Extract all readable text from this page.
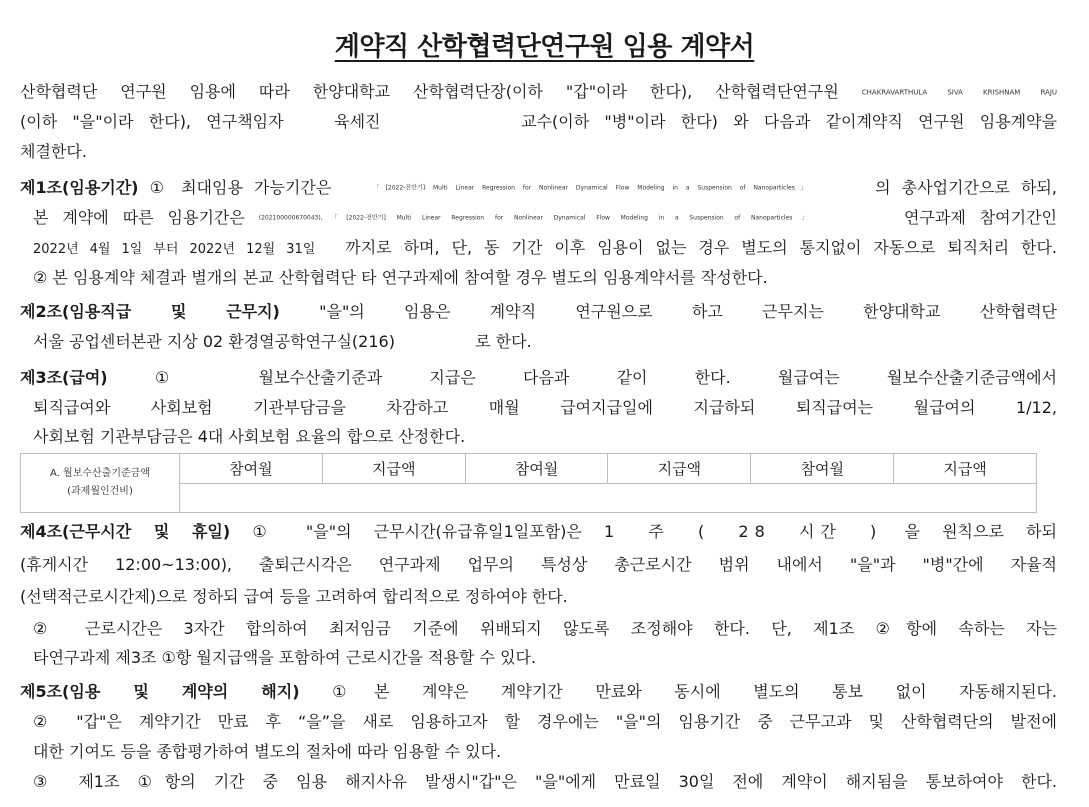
계약직 산학협력단연구원 임용 계약서
산학협력단 연구원 임용에 따라 한양대학교 산학협력단장(이하 "갑"이라 한다), 산학협력단연구원	CHAKRAVARTHULA SIVA KRISHNAM RAJU
(이하 "을"이라 한다), 연구책임자	육세진	교수(이하 "병"이라 한다) 와 다음과 같이계약직 연구원 임용계약을
체결한다.
제1조(임용기간) ① 최대임용 가능기간은	「[2022-전반기] Multi Linear Regression for Nonlinear Dynamical Flow Modeling in a Suspension of Nanoparticles」	의 총사업기간으로 하되,
본 계약에 따른 임용기간은 (202100000670043),「[2022-전반기] Multi Linear Regression for Nonlinear Dynamical Flow Modeling in a Suspension of Nanoparticles」	연구과제 참여기간인
2022년 4월 1일 부터 2022년 12월 31일 까지로 하며, 단, 동 기간 이후 임용이 없는 경우 별도의 통지없이 자동으로 퇴직처리 한다.
② 본 임용계약 체결과 별개의 본교 산학협력단 타 연구과제에 참여할 경우 별도의 임용계약서를 작성한다.
제2조(임용직급 및 근무지) "을"의 임용은 계약직 연구원으로 하고 근무지는 한양대학교 산학협력단
서울 공업센터본관 지상 02 환경열공학연구실(216)	로 한다.
제3조(급여)	① 월보수산출기준과 지급은 다음과 같이 한다. 월급여는 월보수산출기준금액에서
퇴직급여와 사회보험 기관부담금을 차감하고 매월 급여지급일에 지급하되 퇴직급여는 월급여의 1/12,
사회보험 기관부담금은 4대 사회보험 요율의 합으로 산정한다.
A. 월보수산출기준금액
(과제월인건비)	참여월	지급액	참여월	지급액	참여월	지급액

제4조(근무시간 및 휴일) ① "을"의 근무시간(유급휴일1일포함)은 1 주 ( 28 시간 ) 을 원칙으로 하되
(휴게시간 12:00~13:00), 출퇴근시각은 연구과제 업무의 특성상 총근로시간 범위 내에서 "을"과 "병"간에 자율적
(선택적근로시간제)으로 정하되 급여 등을 고려하여 합리적으로 정하여야 한다.
② 근로시간은 3자간 합의하여 최저임금 기준에 위배되지 않도록 조정해야 한다. 단, 제1조 ②항에 속하는 자는
타연구과제 제3조 ①항 월지급액을 포함하여 근로시간을 적용할 수 있다.
제5조(임용 및 계약의 해지) ①본 계약은 계약기간 만료와 동시에 별도의 통보 없이 자동해지된다.
② "갑"은 계약기간 만료 후 “을”을 새로 임용하고자 할 경우에는 "을"의 임용기간 중 근무고과 및 산학협력단의 발전에
대한 기여도 등을 종합평가하여 별도의 절차에 따라 임용할 수 있다.
③ 제1조 ①항의 기간 중 임용 해지사유 발생시"갑"은 "을"에게 만료일 30일 전에 계약이 해지됨을 통보하여야 한다.
